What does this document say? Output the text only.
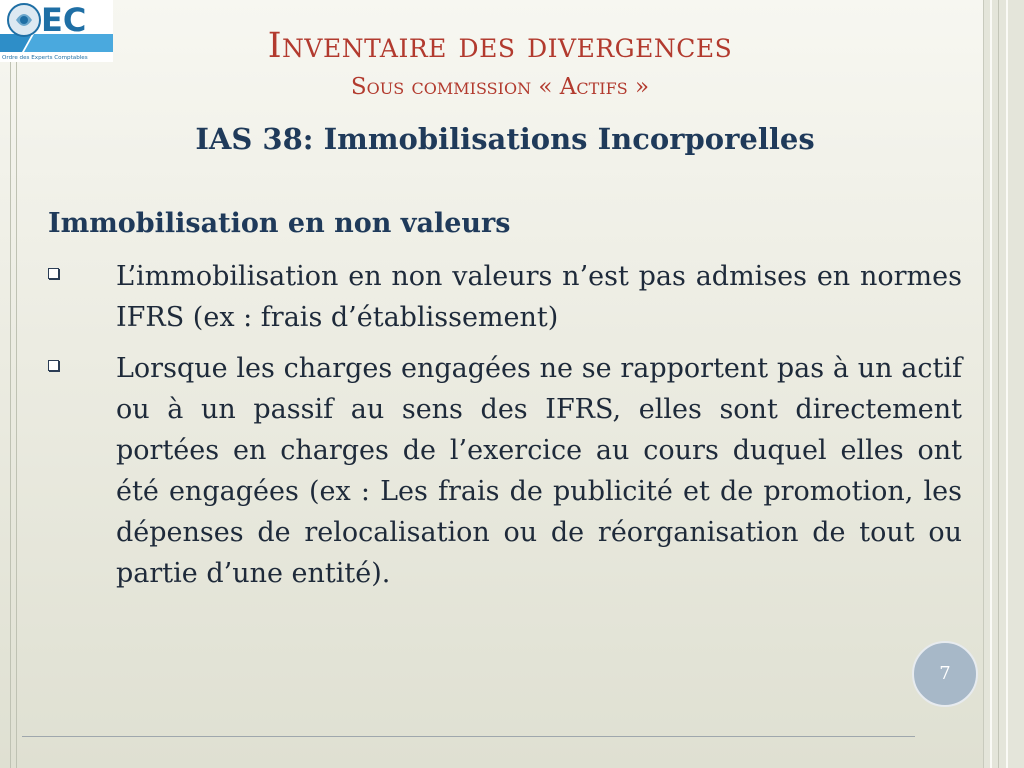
EC
Ordre des Experts Comptables	Inventaire des divergences
Sous commission « Actifs »
IAS 38: Immobilisations Incorporelles
Immobilisation en non valeurs
L’immobilisation en non valeurs n’est pas admises en normes IFRS (ex : frais d’établissement)
Lorsque les charges engagées ne se rapportent pas à un actif ou à un passif au sens des IFRS, elles sont directement portées en charges de l’exercice au cours duquel elles ont été engagées (ex : Les frais de publicité et de promotion, les dépenses de relocalisation ou de réorganisation de tout ou partie d’une entité).
7
